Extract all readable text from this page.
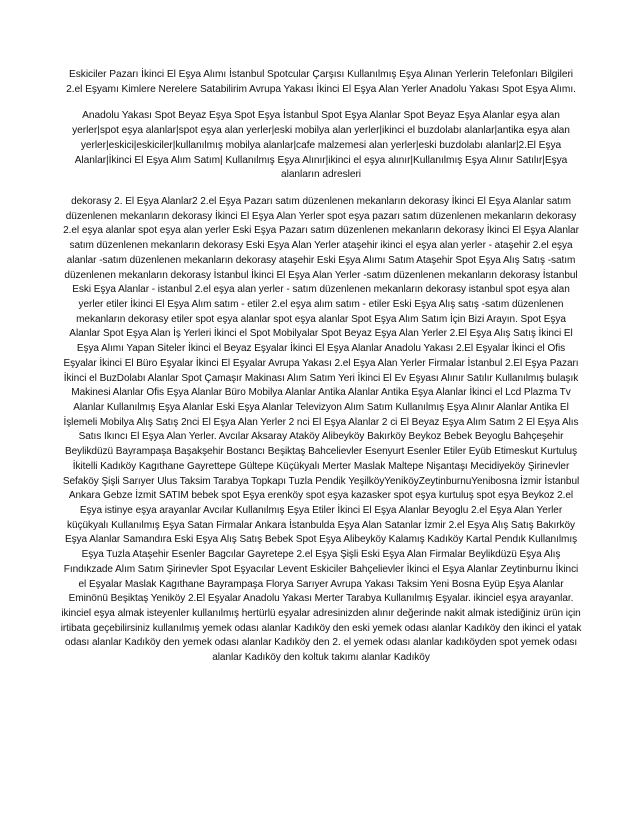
Eskiciler Pazarı İkinci El Eşya Alımı İstanbul Spotcular Çarşısı Kullanılmış Eşya Alınan Yerlerin Telefonları Bilgileri 2.el Eşyamı Kimlere Nerelere Satabilirim Avrupa Yakası İkinci El Eşya Alan Yerler Anadolu Yakası Spot Eşya Alımı.

Anadolu Yakası Spot Beyaz Eşya Spot Eşya İstanbul Spot Eşya Alanlar Spot Beyaz Eşya Alanlar eşya alan yerler|spot eşya alanlar|spot eşya alan yerler|eski mobilya alan yerler|ikinci el buzdolabı alanlar|antika eşya alan yerler|eskici|eskiciler|kullanılmış mobilya alanlar|cafe malzemesi alan yerler|eski buzdolabı alanlar|2.El Eşya Alanlar|İkinci El Eşya Alım Satım| Kullanılmış Eşya Alınır|ikinci el eşya alınır|Kullanılmış Eşya Alınır Satılır|Eşya alanların adresleri

dekorasy 2. El Eşya Alanlar2 2.el Eşya Pazarı satım düzenlenen mekanların dekorasy İkinci El Eşya Alanlar satım düzenlenen mekanların dekorasy İkinci El Eşya Alan Yerler spot eşya pazarı satım düzenlenen mekanların dekorasy 2.el eşya alanlar spot eşya alan yerler Eski Eşya Pazarı satım düzenlenen mekanların dekorasy İkinci El Eşya Alanlar satım düzenlenen mekanların dekorasy Eski Eşya Alan Yerler ataşehir ikinci el eşya alan yerler - ataşehir 2.el eşya alanlar -satım düzenlenen mekanların dekorasy ataşehir Eski Eşya Alımı Satım Ataşehir Spot Eşya Alış Satış -satım düzenlenen mekanların dekorasy İstanbul İkinci El Eşya Alan Yerler -satım düzenlenen mekanların dekorasy İstanbul Eski Eşya Alanlar - istanbul 2.el eşya alan yerler - satım düzenlenen mekanların dekorasy istanbul spot eşya alan yerler etiler İkinci El Eşya Alım satım - etiler 2.el eşya alım satım - etiler Eski Eşya Alış satış -satım düzenlenen mekanların dekorasy etiler spot eşya alanlar spot eşya alanlar Spot Eşya Alım Satım İçin Bizi Arayın. Spot Eşya Alanlar Spot Eşya Alan İş Yerleri İkinci el Spot Mobilyalar Spot Beyaz Eşya Alan Yerler 2.El Eşya Alış Satış İkinci El Eşya Alımı Yapan Siteler İkinci el Beyaz Eşyalar İkinci El Eşya Alanlar Anadolu Yakası 2.El Eşyalar İkinci el Ofis Eşyalar İkinci El Büro Eşyalar İkinci El Eşyalar Avrupa Yakası 2.el Eşya Alan Yerler Firmalar İstanbul 2.El Eşya Pazarı İkinci el BuzDolabı Alanlar Spot Çamaşır Makinası Alım Satım Yeri İkinci El Ev Eşyası Alınır Satılır Kullanılmış bulaşık Makinesi Alanlar Ofis Eşya Alanlar Büro Mobilya Alanlar Antika Alanlar Antika Eşya Alanlar İkinci el Lcd Plazma Tv Alanlar Kullanılmış Eşya Alanlar Eski Eşya Alanlar Televizyon Alım Satım Kullanılmış Eşya Alınır Alanlar Antika El İşlemeli Mobilya Alış Satış 2nci El Eşya Alan Yerler 2 nci El Eşya Alanlar 2 ci El Beyaz Eşya Alım Satım 2 El Eşya Alıs Satıs Ikıncı El Eşya Alan Yerler. Avcılar Aksaray Ataköy Alibeyköy Bakırköy Beykoz Bebek Beyoglu Bahçeşehir Beylikdüzü Bayrampaşa Başakşehir Bostancı Beşiktaş Bahcelievler Esenyurt Esenler Etiler Eyüb Etimeskut Kurtuluş İkitelli Kadıköy Kagıthane Gayrettepe Gültepe Küçükyalı Merter Maslak Maltepe Nişantaşı Mecidiyeköy Şirinevler Sefaköy Şişli Sarıyer Ulus Taksim Tarabya Topkapı Tuzla Pendik YeşilköyYeniköyZeytinburnuYenibosna İzmir İstanbul Ankara Gebze İzmit SATIM bebek spot Eşya erenköy spot eşya kazasker spot eşya kurtuluş spot eşya Beykoz 2.el Eşya istinye eşya arayanlar Avcılar Kullanılmış Eşya Etiler İkinci El Eşya Alanlar Beyoglu 2.el Eşya Alan Yerler küçükyalı Kullanılmış Eşya Satan Firmalar Ankara İstanbulda Eşya Alan Satanlar İzmir 2.el Eşya Alış Satış Bakırköy Eşya Alanlar Samandıra Eski Eşya Alış Satış Bebek Spot Eşya Alibeyköy Kalamış Kadıköy Kartal Pendık Kullanılmış Eşya Tuzla Ataşehir Esenler Bagcılar Gayretepe 2.el Eşya Şişli Eski Eşya Alan Firmalar Beylikdüzü Eşya Alış Fındıkzade Alım Satım Şirinevler Spot Eşyacılar Levent Eskiciler Bahçelievler İkinci el Eşya Alanlar Zeytinburnu İkinci el Eşyalar Maslak Kagıthane Bayrampaşa Florya Sarıyer Avrupa Yakası Taksim Yeni Bosna Eyüp Eşya Alanlar Eminönü Beşiktaş Yeniköy 2.El Eşyalar Anadolu Yakası Merter Tarabya Kullanılmış Eşyalar. ikinciel eşya arayanlar. ikinciel eşya almak isteyenler kullanılmış hertürlü eşyalar adresinizden alınır değerinde nakit almak istediğiniz ürün için irtibata geçebilirsiniz kullanılmış yemek odası alanlar Kadıköy den eski yemek odası alanlar Kadıköy den ikinci el yatak odası alanlar Kadıköy den yemek odası alanlar Kadıköy den 2. el yemek odası alanlar kadıköyden spot yemek odası alanlar Kadıköy den koltuk takımı alanlar Kadıköy
